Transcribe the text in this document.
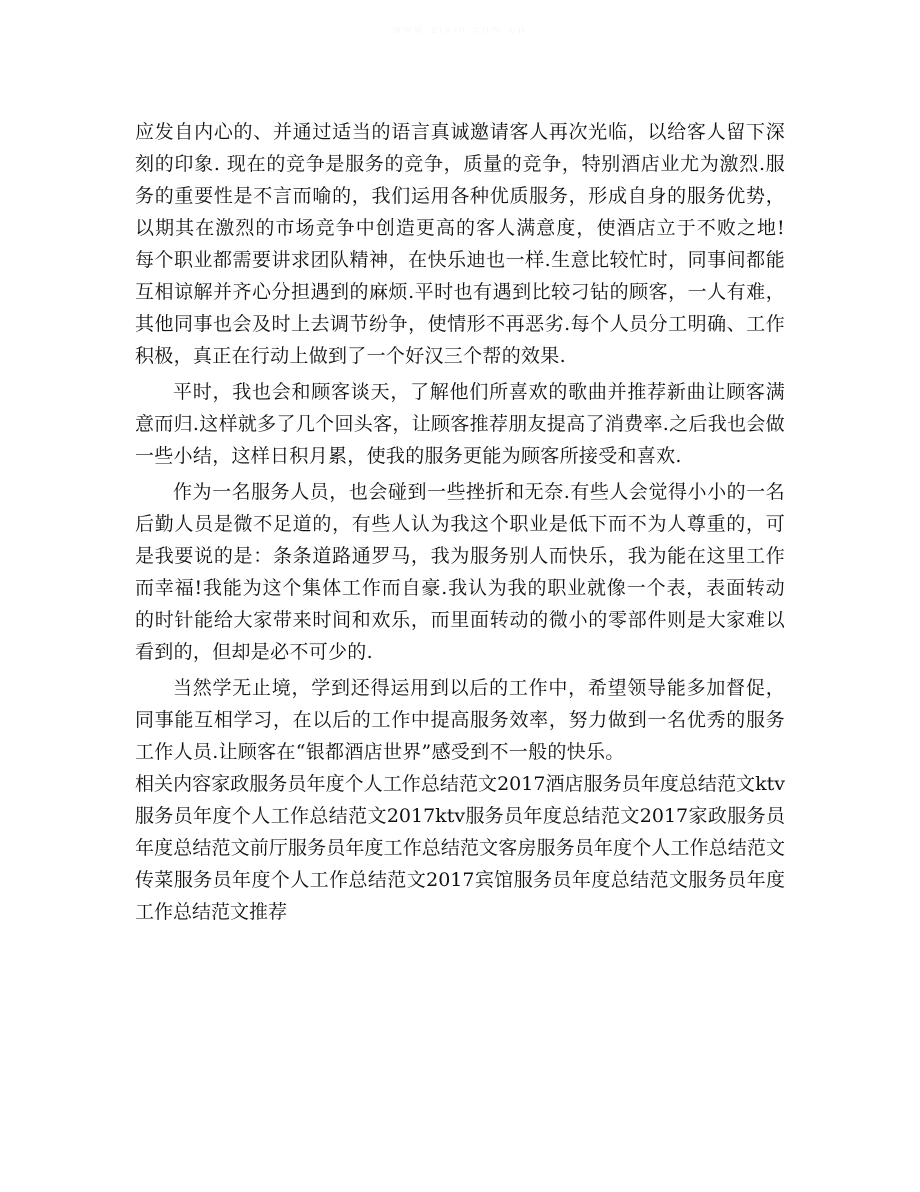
www.zixin.com.cn

应发自内心的、并通过适当的语言真诚邀请客人再次光临，以给客人留下深刻的印象. 现在的竞争是服务的竞争，质量的竞争，特别酒店业尤为激烈.服务的重要性是不言而喻的，我们运用各种优质服务，形成自身的服务优势，以期其在激烈的市场竞争中创造更高的客人满意度，使酒店立于不败之地! 每个职业都需要讲求团队精神，在快乐迪也一样.生意比较忙时，同事间都能互相谅解并齐心分担遇到的麻烦.平时也有遇到比较刁钻的顾客，一人有难，其他同事也会及时上去调节纷争，使情形不再恶劣.每个人员分工明确、工作积极，真正在行动上做到了一个好汉三个帮的效果.

平时，我也会和顾客谈天，了解他们所喜欢的歌曲并推荐新曲让顾客满意而归.这样就多了几个回头客，让顾客推荐朋友提高了消费率.之后我也会做一些小结，这样日积月累，使我的服务更能为顾客所接受和喜欢.

作为一名服务人员，也会碰到一些挫折和无奈.有些人会觉得小小的一名后勤人员是微不足道的，有些人认为我这个职业是低下而不为人尊重的，可是我要说的是：条条道路通罗马，我为服务别人而快乐，我为能在这里工作而幸福!我能为这个集体工作而自豪.我认为我的职业就像一个表，表面转动的时针能给大家带来时间和欢乐，而里面转动的微小的零部件则是大家难以看到的，但却是必不可少的.

当然学无止境，学到还得运用到以后的工作中，希望领导能多加督促，同事能互相学习，在以后的工作中提高服务效率，努力做到一名优秀的服务工作人员.让顾客在“银都酒店世界”感受到不一般的快乐。

相关内容家政服务员年度个人工作总结范文2017酒店服务员年度总结范文ktv服务员年度个人工作总结范文2017ktv服务员年度总结范文2017家政服务员年度总结范文前厅服务员年度工作总结范文客房服务员年度个人工作总结范文传菜服务员年度个人工作总结范文2017宾馆服务员年度总结范文服务员年度工作总结范文推荐
